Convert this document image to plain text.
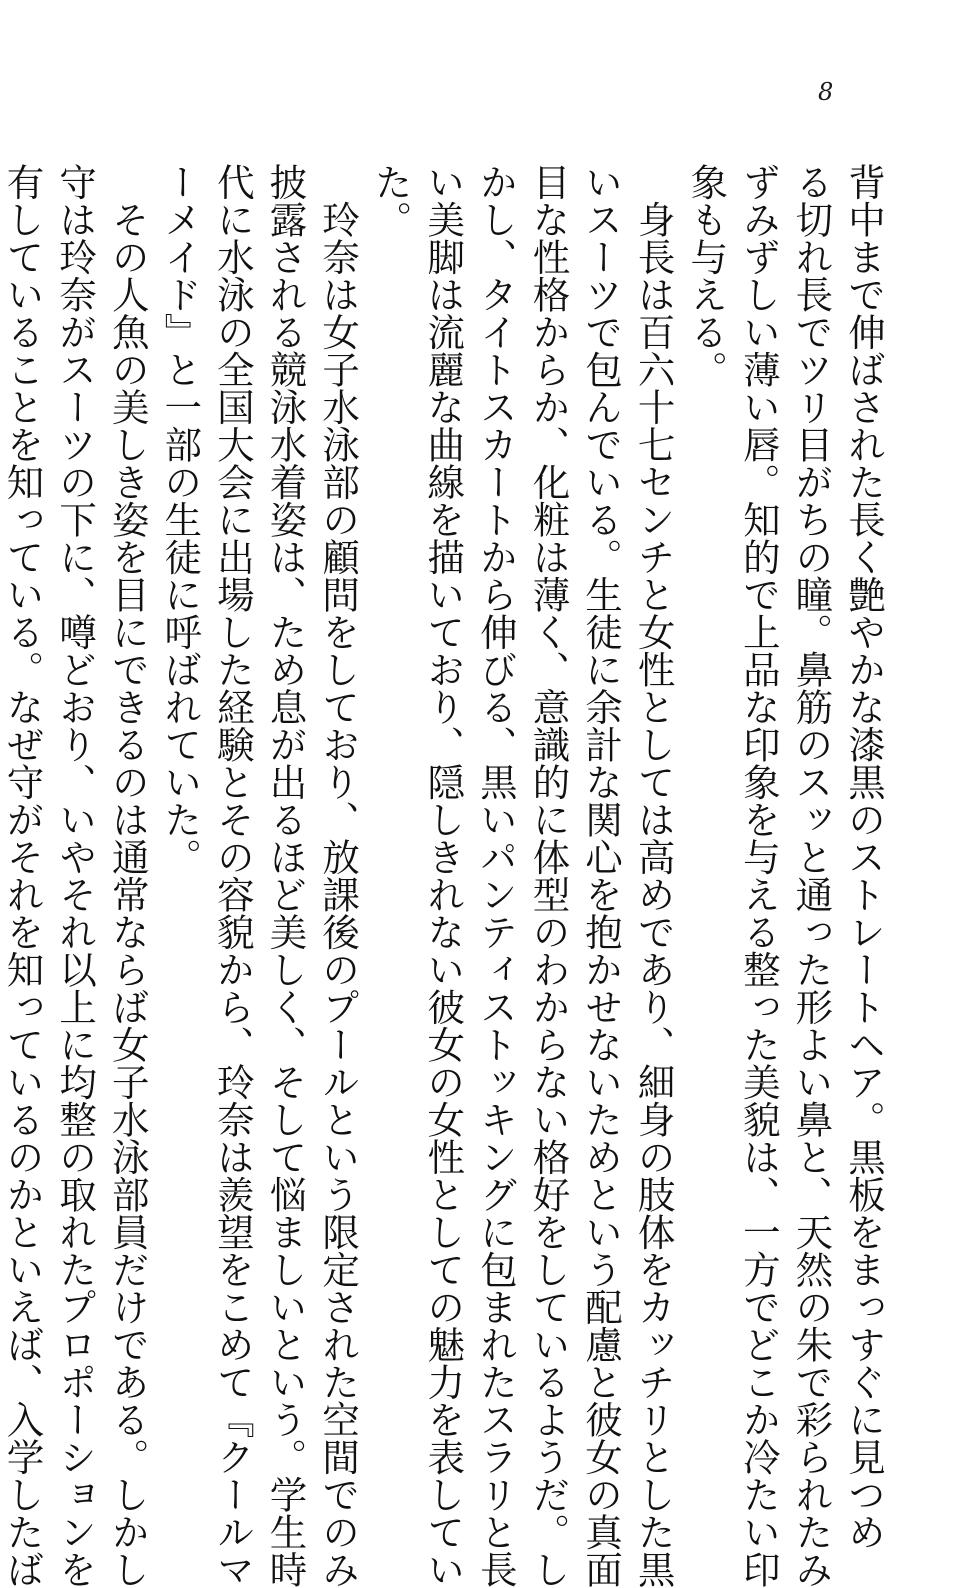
8
背中まで伸ばされた長く艶やかな漆黒のストレートヘア。黒板をまっすぐに見つめ
る切れ長でツリ目がちの瞳。鼻筋のスッと通った形よい鼻と、天然の朱で彩られたみ
ずみずしい薄い唇。知的で上品な印象を与える整った美貌は、一方でどこか冷たい印
象も与える。
　身長は百六十七センチと女性としては高めであり、細身の肢体をカッチリとした黒
いスーツで包んでいる。生徒に余計な関心を抱かせないためという配慮と彼女の真面
目な性格からか、化粧は薄く、意識的に体型のわからない格好をしているようだ。し
かし、タイトスカートから伸びる、黒いパンティストッキングに包まれたスラリと長
い美脚は流麗な曲線を描いており、隠しきれない彼女の女性としての魅力を表してい
た。
　玲奈は女子水泳部の顧問をしており、放課後のプールという限定された空間でのみ
披露される競泳水着姿は、ため息が出るほど美しく、そして悩ましいという。学生時
代に水泳の全国大会に出場した経験とその容貌から、玲奈は羨望をこめて『クールマ
ーメイド』と一部の生徒に呼ばれていた。
　その人魚の美しき姿を目にできるのは通常ならば女子水泳部員だけである。しかし
守は玲奈がスーツの下に、噂どおり、いやそれ以上に均整の取れたプロポーションを
有していることを知っている。なぜ守がそれを知っているのかといえば、入学したば
